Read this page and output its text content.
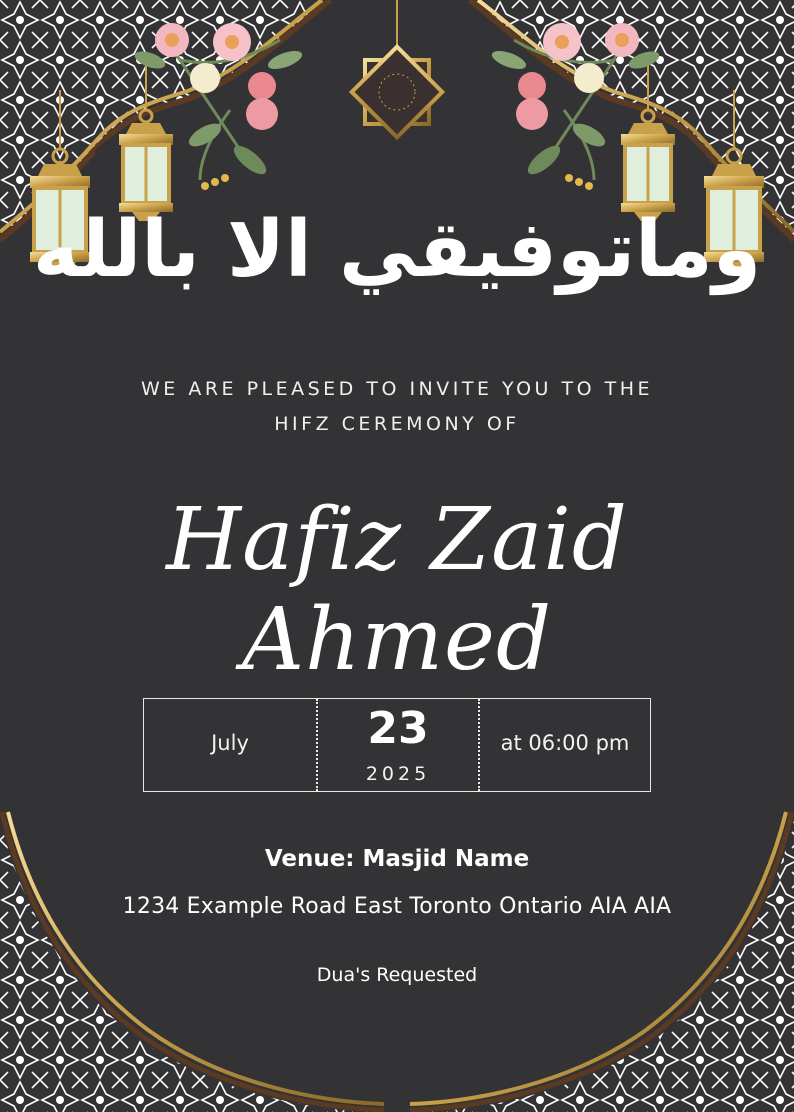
وماتوفيقي الا بالله
WE ARE PLEASED TO INVITE YOU TO THE
HIFZ CEREMONY OF
Hafiz Zaid Ahmed
July	23
2025
at 06:00 pm
Venue: Masjid Name
1234 Example Road East Toronto Ontario AIA AIA
Dua's Requested
